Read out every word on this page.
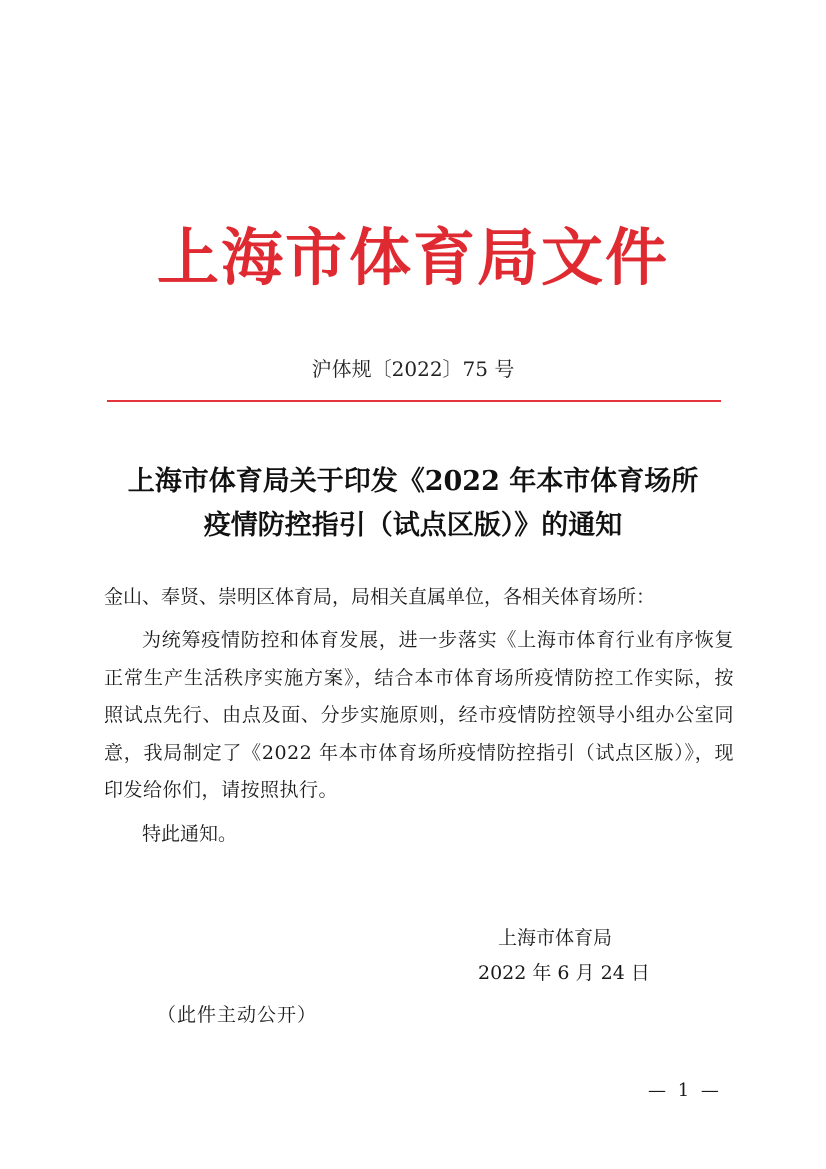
上海市体育局文件
沪体规〔2022〕75 号
上海市体育局关于印发《2022 年本市体育场所
疫情防控指引（试点区版）》的通知
金山、奉贤、崇明区体育局，局相关直属单位，各相关体育场所：
为统筹疫情防控和体育发展，进一步落实《上海市体育行业有序恢复正常生产生活秩序实施方案》，结合本市体育场所疫情防控工作实际，按照试点先行、由点及面、分步实施原则，经市疫情防控领导小组办公室同意，我局制定了《2022 年本市体育场所疫情防控指引（试点区版）》，现印发给你们，请按照执行。
特此通知。
上海市体育局
2022 年 6 月 24 日
（此件主动公开）
— 1 —
